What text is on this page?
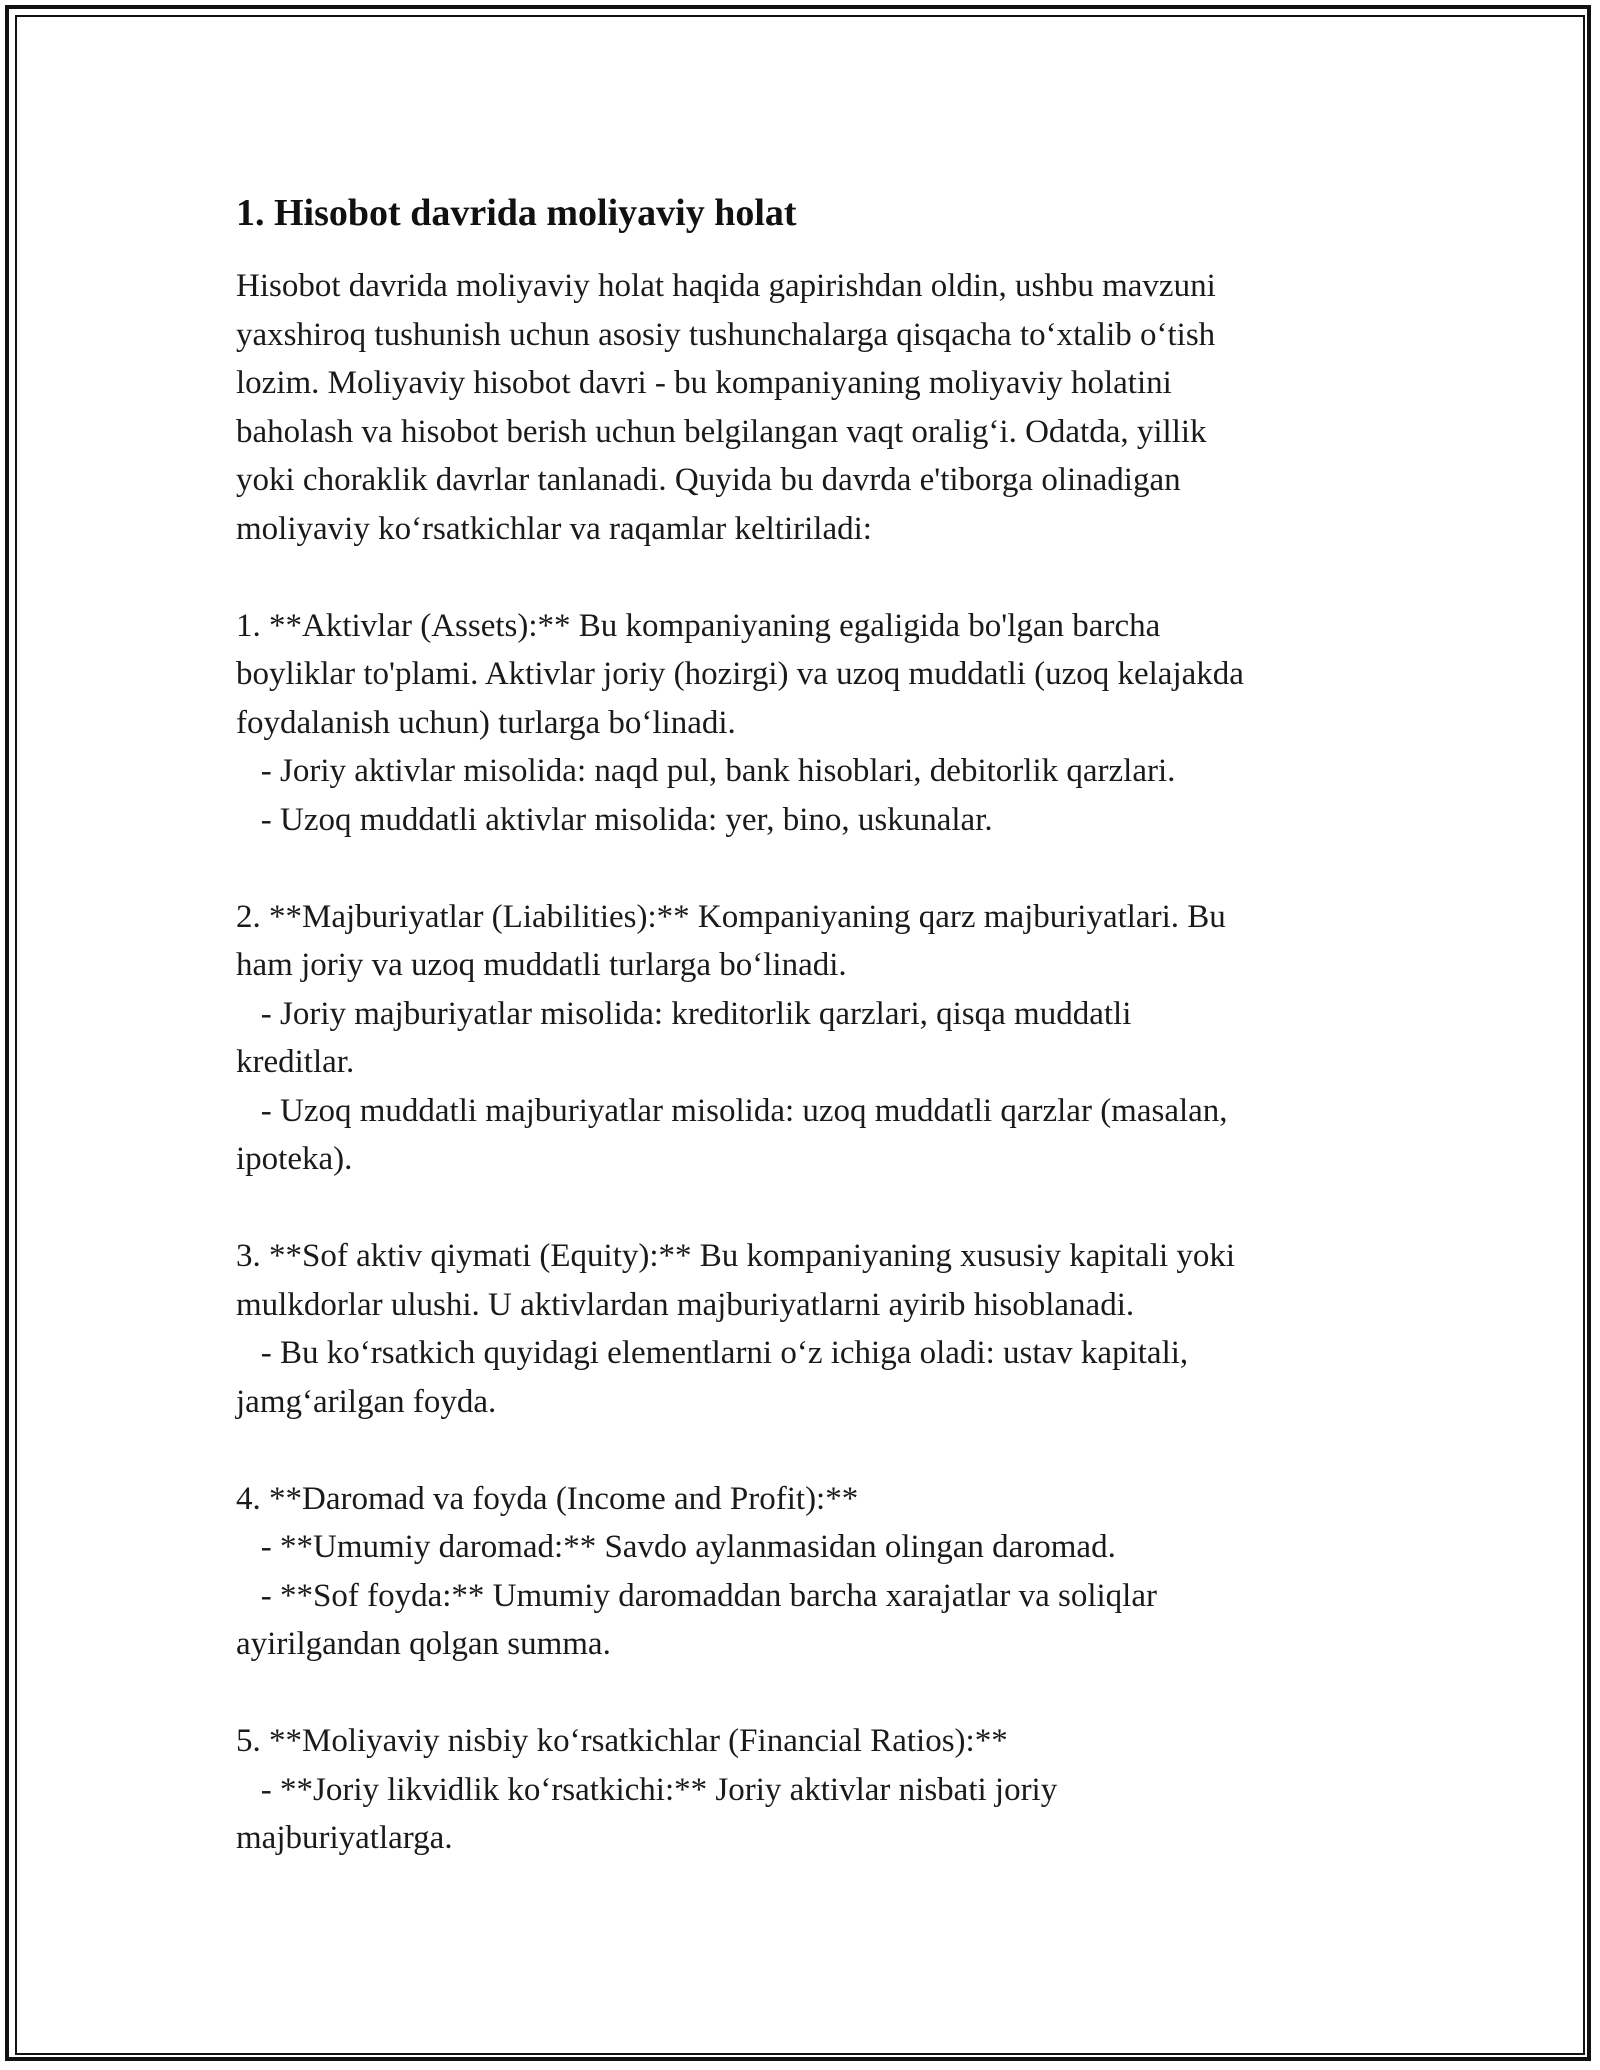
1. Hisobot davrida moliyaviy holat
Hisobot davrida moliyaviy holat haqida gapirishdan oldin, ushbu mavzuni
yaxshiroq tushunish uchun asosiy tushunchalarga qisqacha to‘xtalib o‘tish
lozim. Moliyaviy hisobot davri - bu kompaniyaning moliyaviy holatini
baholash va hisobot berish uchun belgilangan vaqt oralig‘i. Odatda, yillik
yoki choraklik davrlar tanlanadi. Quyida bu davrda e'tiborga olinadigan
moliyaviy ko‘rsatkichlar va raqamlar keltiriladi:

1. **Aktivlar (Assets):** Bu kompaniyaning egaligida bo'lgan barcha
boyliklar to'plami. Aktivlar joriy (hozirgi) va uzoq muddatli (uzoq kelajakda
foydalanish uchun) turlarga bo‘linadi.
- Joriy aktivlar misolida: naqd pul, bank hisoblari, debitorlik qarzlari.
- Uzoq muddatli aktivlar misolida: yer, bino, uskunalar.

2. **Majburiyatlar (Liabilities):** Kompaniyaning qarz majburiyatlari. Bu
ham joriy va uzoq muddatli turlarga bo‘linadi.
- Joriy majburiyatlar misolida: kreditorlik qarzlari, qisqa muddatli
kreditlar.
- Uzoq muddatli majburiyatlar misolida: uzoq muddatli qarzlar (masalan,
ipoteka).

3. **Sof aktiv qiymati (Equity):** Bu kompaniyaning xususiy kapitali yoki
mulkdorlar ulushi. U aktivlardan majburiyatlarni ayirib hisoblanadi.
- Bu ko‘rsatkich quyidagi elementlarni o‘z ichiga oladi: ustav kapitali,
jamg‘arilgan foyda.

4. **Daromad va foyda (Income and Profit):**
- **Umumiy daromad:** Savdo aylanmasidan olingan daromad.
- **Sof foyda:** Umumiy daromaddan barcha xarajatlar va soliqlar
ayirilgandan qolgan summa.

5. **Moliyaviy nisbiy ko‘rsatkichlar (Financial Ratios):**
- **Joriy likvidlik ko‘rsatkichi:** Joriy aktivlar nisbati joriy
majburiyatlarga.
